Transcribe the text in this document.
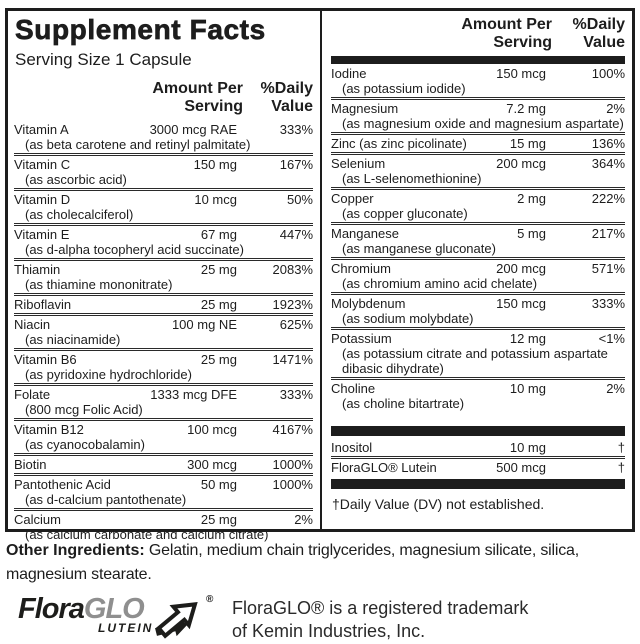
Supplement Facts
Serving Size 1 Capsule
Amount Per
Serving
%Daily
Value
Vitamin A	3000 mcg RAE	333%
(as beta carotene and retinyl palmitate)
Vitamin C	150 mg	167%
(as ascorbic acid)
Vitamin D	10 mcg	50%
(as cholecalciferol)
Vitamin E	67 mg	447%
(as d-alpha tocopheryl acid succinate)
Thiamin	25 mg	2083%
(as thiamine mononitrate)
Riboflavin	25 mg	1923%
Niacin	100 mg NE	625%
(as niacinamide)
Vitamin B6	25 mg	1471%
(as pyridoxine hydrochloride)
Folate	1333 mcg DFE	333%
(800 mcg Folic Acid)
Vitamin B12	100 mcg	4167%
(as cyanocobalamin)
Biotin	300 mcg	1000%
Pantothenic Acid	50 mg	1000%
(as d-calcium pantothenate)
Calcium	25 mg	2%
(as calcium carbonate and calcium citrate)
Amount Per
Serving
%Daily
Value
Iodine	150 mcg	100%
(as potassium iodide)
Magnesium	7.2 mg	2%
(as magnesium oxide and magnesium aspartate)
Zinc (as zinc picolinate)	15 mg	136%
Selenium	200 mcg	364%
(as L-selenomethionine)
Copper	2 mg	222%
(as copper gluconate)
Manganese	5 mg	217%
(as manganese gluconate)
Chromium	200 mcg	571%
(as chromium amino acid chelate)
Molybdenum	150 mcg	333%
(as sodium molybdate)
Potassium	12 mg	<1%
(as potassium citrate and potassium aspartate dibasic dihydrate)
Choline	10 mg	2%
(as choline bitartrate)
Inositol	10 mg	†
FloraGLO® Lutein	500 mcg	†
†Daily Value (DV) not established.
Other Ingredients: Gelatin, medium chain triglycerides, magnesium silicate, silica, magnesium stearate.
FloraGLO
LUTEIN
® FloraGLO® is a registered trademark
of Kemin Industries, Inc.
